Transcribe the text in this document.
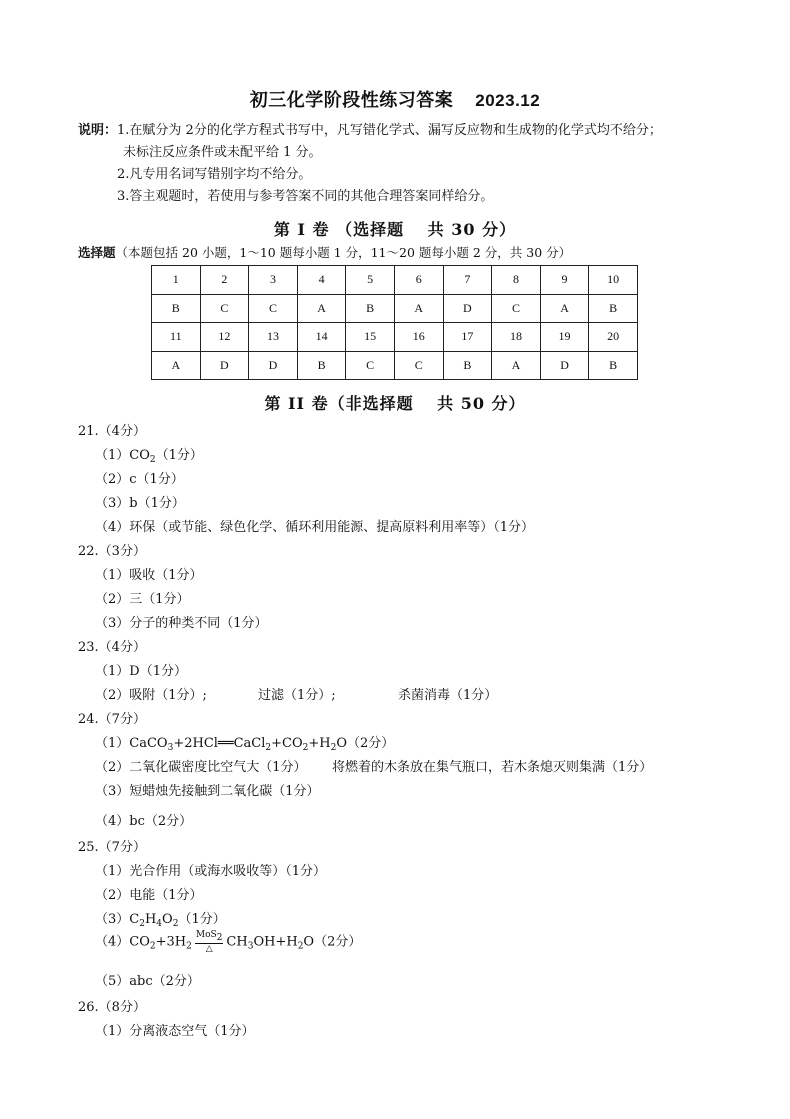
初三化学阶段性练习答案 2023.12
说明：1.在赋分为 2分的化学方程式书写中，凡写错化学式、漏写反应物和生成物的化学式均不给分；
未标注反应条件或未配平给 1 分。
2.凡专用名词写错别字均不给分。
3.答主观题时，若使用与参考答案不同的其他合理答案同样给分。
第 I 卷 （选择题　 共 30 分）
选择题（本题包括 20 小题，1～10 题每小题 1 分，11～20 题每小题 2 分，共 30 分）
1	2	3	4	5	6	7	8	9	10
B	C	C	A	B	A	D	C	A	B
11	12	13	14	15	16	17	18	19	20
A	D	D	B	C	C	B	A	D	B
第 II 卷（非选择题　 共 50 分）
21.（4分）
$(1)CO_2(1$分）
（2）c（1分）
（3）b（1分）
（4）环保（或节能、绿色化学、循环利用能源、提高原料利用率等）（1分）
22.（3分）
（1）吸收（1分）
（2）三（1分）
（3）分子的种类不同（1分）
23.（4分）
（1）D（1分）
（2）吸附（1分）;	过滤（1分）;	杀菌消毒（1分）
24.（7分）
$(1)CaCO_3+2HCl══CaCl_2+CO_2+H_2O(2$分）
（2）二氧化碳密度比空气大（1分） 将燃着的木条放在集气瓶口，若木条熄灭则集满（1分）
（3）短蜡烛先接触到二氧化碳（1分）
（4）bc（2分）
25.（7分）
（1）光合作用（或海水吸收等）（1分）
（2）电能（1分）
$(3)C_2H_4O_2(1$分）
$(4)CO_2+3H_2 \frac{MoS_2}{\triangle} CH_3OH+H_2O(2$分）
（5）abc（2分）
26.（8分）
（1）分离液态空气（1分）
